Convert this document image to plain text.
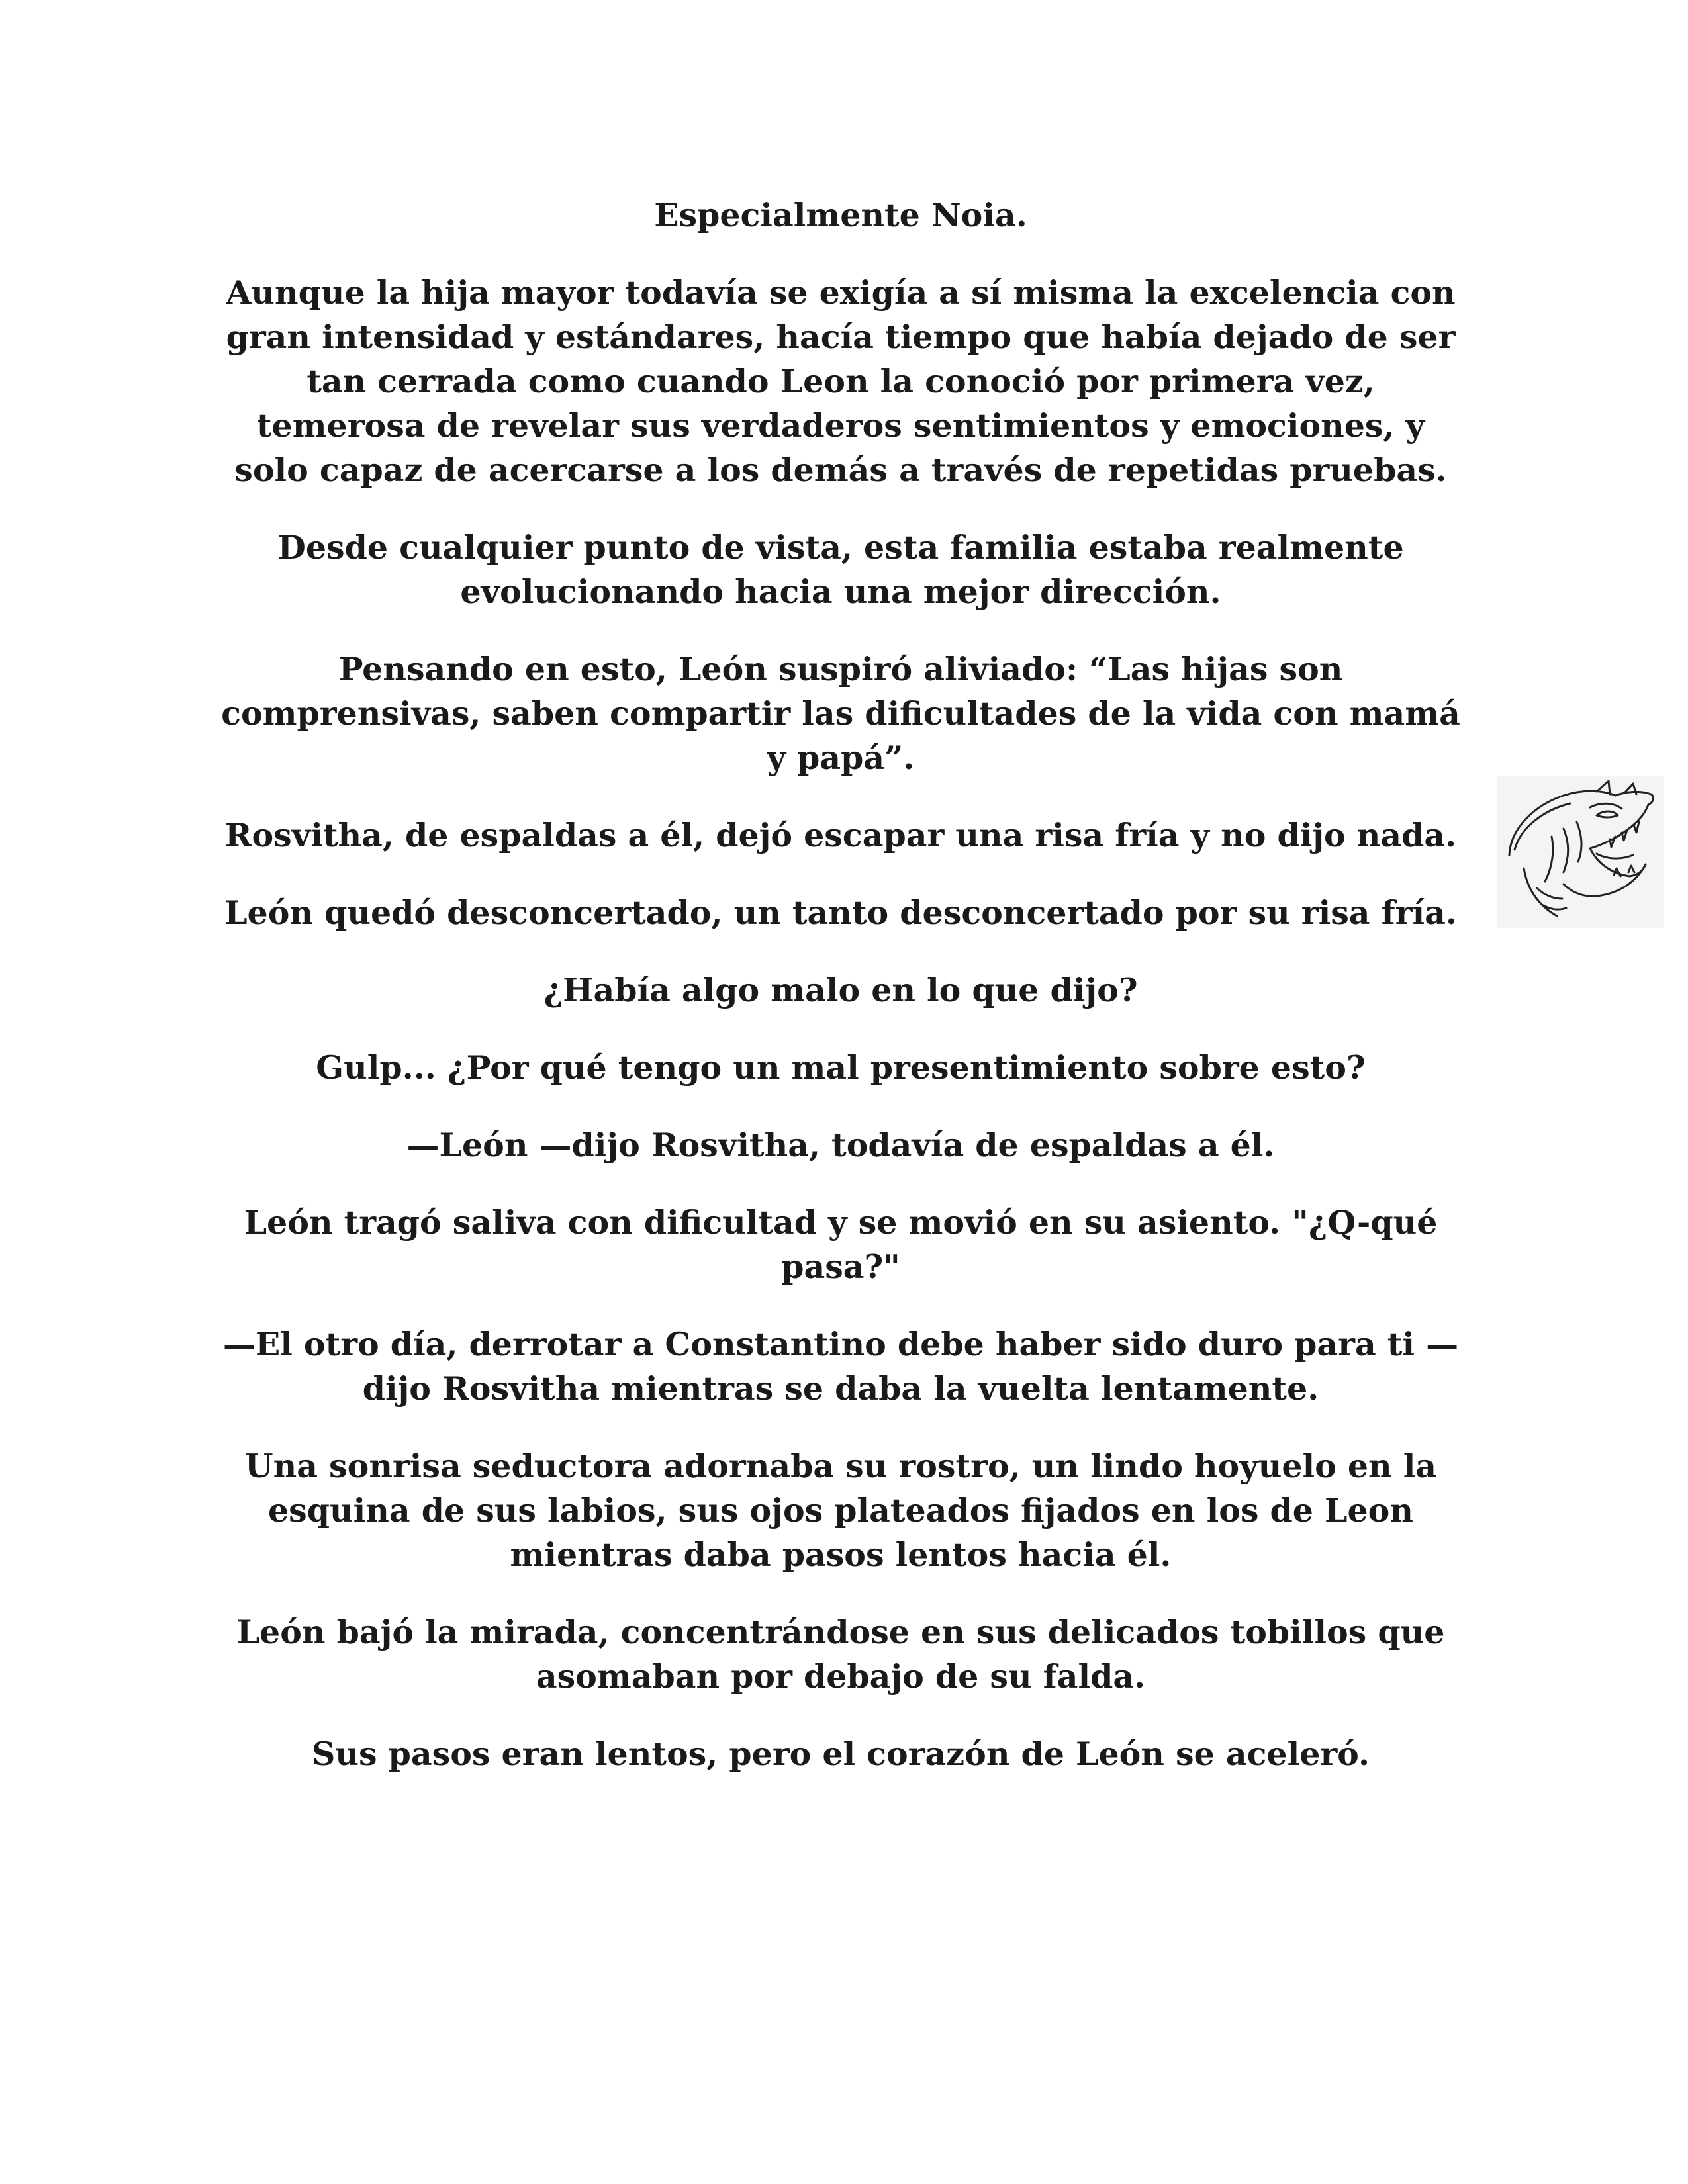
Especialmente Noia.

Aunque la hija mayor todavía se exigía a sí misma la excelencia con gran intensidad y estándares, hacía tiempo que había dejado de ser tan cerrada como cuando Leon la conoció por primera vez, temerosa de revelar sus verdaderos sentimientos y emociones, y solo capaz de acercarse a los demás a través de repetidas pruebas.

Desde cualquier punto de vista, esta familia estaba realmente evolucionando hacia una mejor dirección.

Pensando en esto, León suspiró aliviado: “Las hijas son comprensivas, saben compartir las dificultades de la vida con mamá y papá”.

Rosvitha, de espaldas a él, dejó escapar una risa fría y no dijo nada.

León quedó desconcertado, un tanto desconcertado por su risa fría.

¿Había algo malo en lo que dijo?

Gulp... ¿Por qué tengo un mal presentimiento sobre esto?

—León —dijo Rosvitha, todavía de espaldas a él.

León tragó saliva con dificultad y se movió en su asiento. "¿Q-qué pasa?"

—El otro día, derrotar a Constantino debe haber sido duro para ti —dijo Rosvitha mientras se daba la vuelta lentamente.

Una sonrisa seductora adornaba su rostro, un lindo hoyuelo en la esquina de sus labios, sus ojos plateados fijados en los de Leon mientras daba pasos lentos hacia él.

León bajó la mirada, concentrándose en sus delicados tobillos que asomaban por debajo de su falda.

Sus pasos eran lentos, pero el corazón de León se aceleró.
